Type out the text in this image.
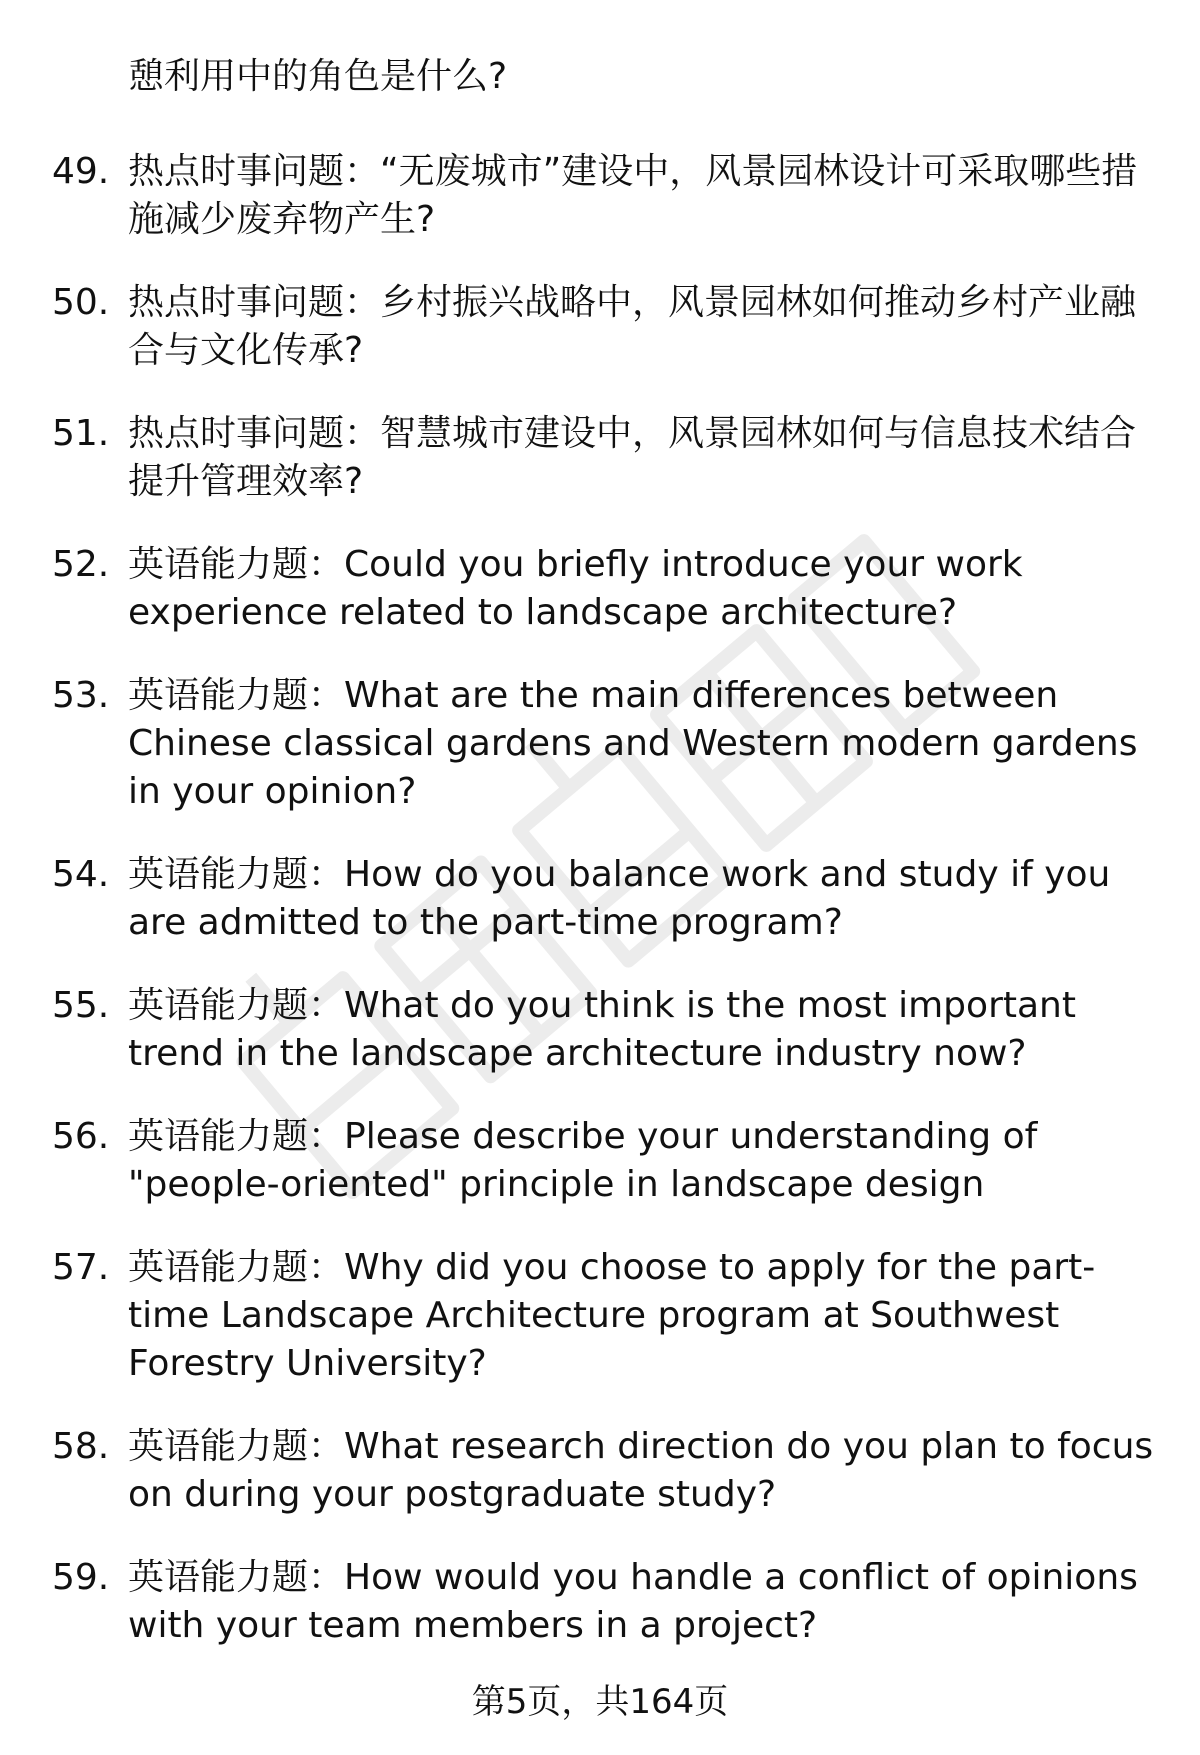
憩利用中的角色是什么?
49. 热点时事问题：“无废城市”建设中，风景园林设计可采取哪些措施减少废弃物产生?
50. 热点时事问题：乡村振兴战略中，风景园林如何推动乡村产业融合与文化传承?
51. 热点时事问题：智慧城市建设中，风景园林如何与信息技术结合提升管理效率?
52. 英语能力题：Could you briefly introduce your work experience related to landscape architecture?
53. 英语能力题：What are the main differences between Chinese classical gardens and Western modern gardens in your opinion?
54. 英语能力题：How do you balance work and study if you are admitted to the part-time program?
55. 英语能力题：What do you think is the most important trend in the landscape architecture industry now?
56. 英语能力题：Please describe your understanding of "people-oriented" principle in landscape design
57. 英语能力题：Why did you choose to apply for the part-time Landscape Architecture program at Southwest Forestry University?
58. 英语能力题：What research direction do you plan to focus on during your postgraduate study?
59. 英语能力题：How would you handle a conflict of opinions with your team members in a project?
第5页，共164页
